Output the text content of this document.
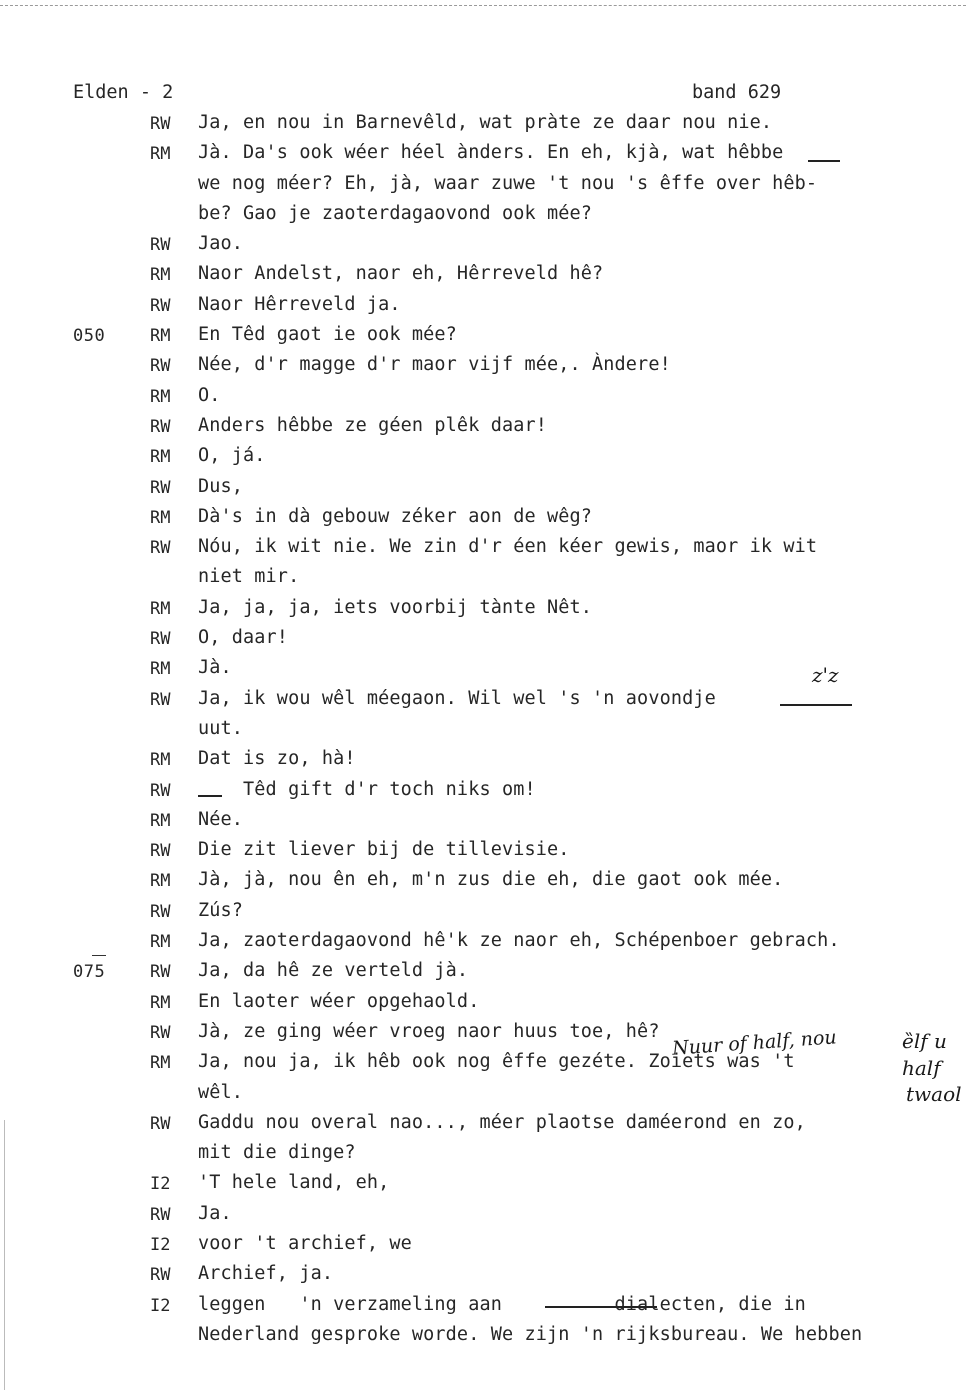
Elden - 2	band 629
RW Ja, en nou in Barnevêld, wat pràte ze daar nou nie.
RM Jà. Da's ook wéer héel ànders. En eh, kjà, wat hêbbe
we nog méer? Eh, jà, waar zuwe 't nou 's êffe over hêb-
be? Gao je zaoterdagaovond ook mée?
RW Jao.
RM Naor Andelst, naor eh, Hêrreveld hê?
RW Naor Hêrreveld ja.
050	RM En Têd gaot ie ook mée?
RW Née, d'r magge d'r maor vijf mée,. Àndere!
RM O.
RW Anders hêbbe ze géen plêk daar!
RM O, já.
RW Dus,
RM Dà's in dà gebouw zéker aon de wêg?
RW Nóu, ik wit nie. We zin d'r éen kéer gewis, maor ik wit
niet mir.
RM Ja, ja, ja, iets voorbij tànte Nêt.
RW O, daar!
RM Jà.
RW Ja, ik wou wêl méegaon. Wil wel 's 'n aovondje
uut.
RM Dat is zo, hà!
RW Têd gift d'r toch niks om!
RM Née.
RW Die zit liever bij de tillevisie.
RM Jà, jà, nou ên eh, m'n zus die eh, die gaot ook mée.
RW Zús?
RM Ja, zaoterdagaovond hê'k ze naor eh, Schépenboer gebrach.
075	RW Ja, da hê ze verteld jà.
RM En laoter wéer opgehaold.
RW Jà, ze ging wéer vroeg naor huus toe, hê?
RM Ja, nou ja, ik hêb ook nog êffe gezéte. Zoiets was 't
wêl.
RW Gaddu nou overal nao..., méer plaotse daméerond en zo,
mit die dinge?
I2 'T hele land, eh,
RW Ja.
I2 voor 't archief, we
RW Archief, ja.
I2 leggen   'n verzameling aan          dialecten, die in
Nederland gesproke worde. We zijn 'n rijksbureau. We hebben
z'z
Nuur of half, nou	ȅlf u
half
twaol
